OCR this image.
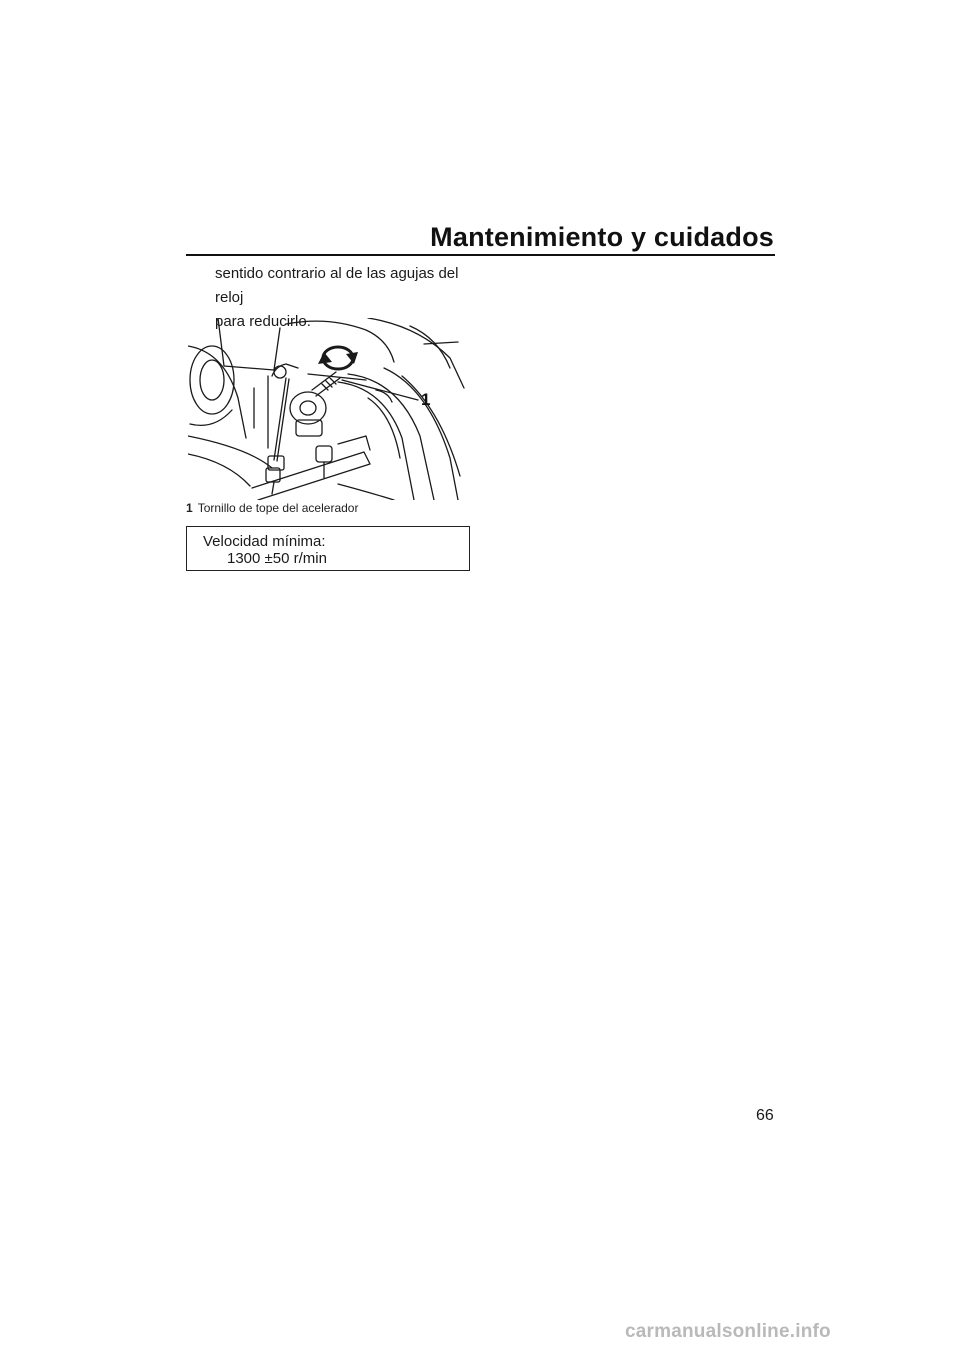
Mantenimiento y cuidados
sentido contrario al de las agujas del reloj
para reducirlo.
1
1 Tornillo de tope del acelerador
Velocidad mínima:
1300 ±50 r/min
66
carmanualsonline.info
